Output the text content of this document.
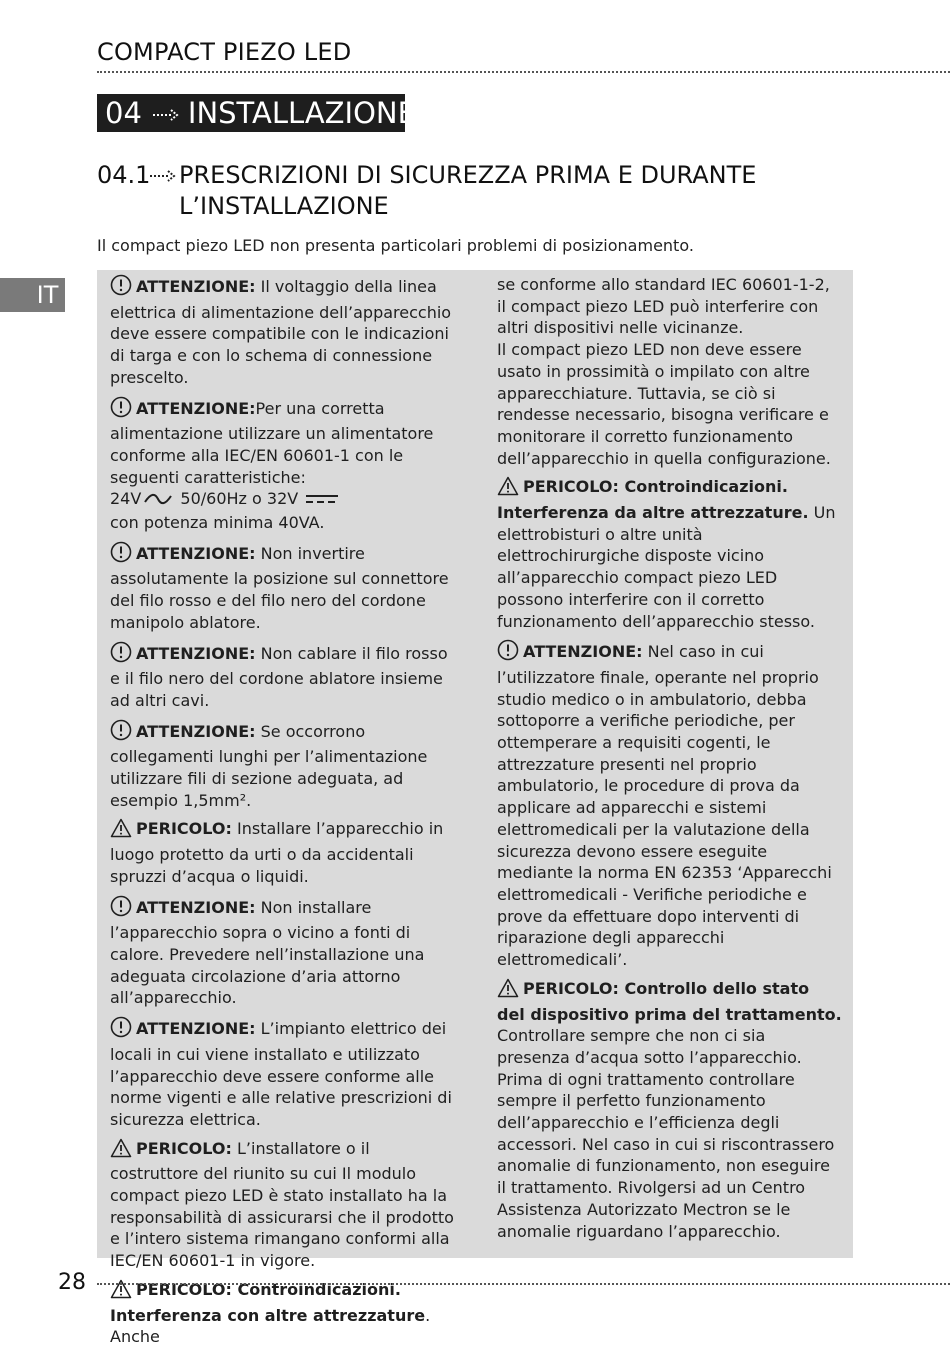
COMPACT PIEZO LED
04 INSTALLAZIONE
04.1 PRESCRIZIONI DI SICUREZZA PRIMA E DURANTE
L’INSTALLAZIONE
Il compact piezo LED non presenta particolari problemi di posizionamento.
IT	ATTENZIONE: Il voltaggio della linea elettrica di alimentazione dell’apparecchio deve essere compatibile con le indicazioni di targa e con lo schema di connessione prescelto.

ATTENZIONE:Per una corretta alimentazione utilizzare un alimentatore conforme alla IEC/EN 60601-1 con le seguenti caratteristiche:
24V 50/60Hz o 32V
con potenza minima 40VA.

ATTENZIONE: Non invertire assolutamente la posizione sul connettore del filo rosso e del filo nero del cordone manipolo ablatore.

ATTENZIONE: Non cablare il filo rosso e il filo nero del cordone ablatore insieme ad altri cavi.

ATTENZIONE: Se occorrono collegamenti lunghi per l’alimentazione utilizzare fili di sezione adeguata, ad esempio 1,5mm².

PERICOLO: Installare l’apparecchio in luogo protetto da urti o da accidentali spruzzi d’acqua o liquidi.

ATTENZIONE: Non installare l’apparecchio sopra o vicino a fonti di calore. Prevedere nell’installazione una adeguata circolazione d’aria attorno all’apparecchio.

ATTENZIONE: L’impianto elettrico dei locali in cui viene installato e utilizzato l’apparecchio deve essere conforme alle norme vigenti e alle relative prescrizioni di sicurezza elettrica.

PERICOLO: L’installatore o il costruttore del riunito su cui Il modulo compact piezo LED è stato installato ha la responsabilità di assicurarsi che il prodotto e l’intero sistema rimangano conformi alla IEC/EN 60601-1 in vigore.

PERICOLO: Controindicazioni. Interferenza con altre attrezzature. Anche

se conforme allo standard IEC 60601-1-2, il compact piezo LED può interferire con altri dispositivi nelle vicinanze.

Il compact piezo LED non deve essere usato in prossimità o impilato con altre apparecchiature. Tuttavia, se ciò si rendesse necessario, bisogna verificare e monitorare il corretto funzionamento dell’apparecchio in quella configurazione.

PERICOLO: Controindicazioni. Interferenza da altre attrezzature. Un elettrobisturi o altre unità elettrochirurgiche disposte vicino all’apparecchio compact piezo LED possono interferire con il corretto funzionamento dell’apparecchio stesso.

ATTENZIONE: Nel caso in cui l’utilizzatore finale, operante nel proprio studio medico o in ambulatorio, debba sottoporre a verifiche periodiche, per ottemperare a requisiti cogenti, le attrezzature presenti nel proprio ambulatorio, le procedure di prova da applicare ad apparecchi e sistemi elettromedicali per la valutazione della sicurezza devono essere eseguite mediante la norma EN 62353 ‘Apparecchi elettromedicali - Verifiche periodiche e prove da effettuare dopo interventi di riparazione degli apparecchi elettromedicali’.

PERICOLO: Controllo dello stato del dispositivo prima del trattamento. Controllare sempre che non ci sia presenza d’acqua sotto l’apparecchio. Prima di ogni trattamento controllare sempre il perfetto funzionamento dell’apparecchio e l’efficienza degli accessori. Nel caso in cui si riscontrassero anomalie di funzionamento, non eseguire il trattamento. Rivolgersi ad un Centro Assistenza Autorizzato Mectron se le anomalie riguardano l’apparecchio.

28
